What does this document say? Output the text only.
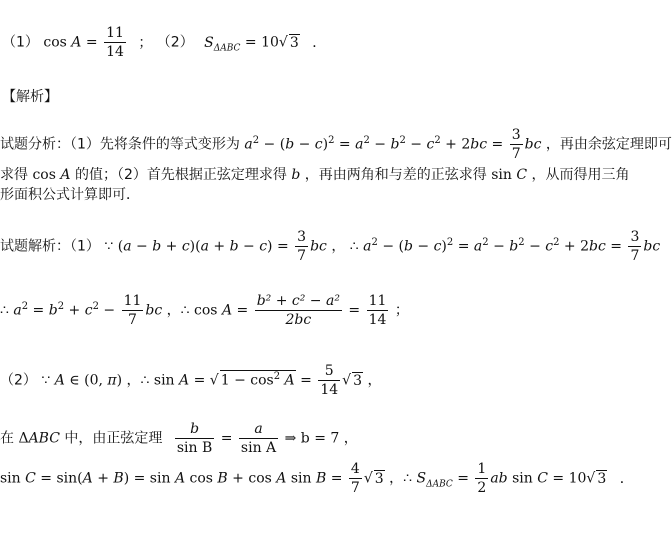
（1） $\cos A = \frac{11}{14}$ ； （2） $S_{\Delta ABC} = 10√$ 3 ．
【解析】
试题分析：（1）先将条件的等式变形为 $a^2 - (b - c)^2 = a^2 - b^2 - c^2 + 2bc = \frac{3}{7}$ bc ，再由余弦定理即可
求得 cos A 的值；（2）首先根据正弦定理求得 b ，再由两角和与差的正弦求得 sin C ，从而得用三角
形面积公式计算即可．
试题解析：（1） ∵ $(a - b + c)(a + b - c) = \frac{3}{7}$ bc ， ∴ $a^2 - (b - c)^2 = a^2 - b^2 - c^2 + 2bc = \frac{3}{7}$ bc
∴ $a^2 = b^2 + c^2 - \frac{11}{7}$ bc ，∴ $\cos A = \frac{\text{b² + c² − a²}}{2bc} = \frac{11}{14}$ ；
（2） ∵ A ∈ (0, π) ，∴ sin A = √ $1 - \cos^2 A = \frac{5}{14}$ √ 3 ，
在 ΔABC 中，由正弦定理 $\frac{b}{\text{sin B}} = \frac{a}{\text{sin A}}$ ⇒ b = 7 ，
sin C = sin(A + B) = sin A cos B + cos A $\sin B = \frac{4}{7}$ √ 3 ，∴ $S_{\Delta ABC} = \frac{1}{2}$ ab sin C = 10√ 3 ．
